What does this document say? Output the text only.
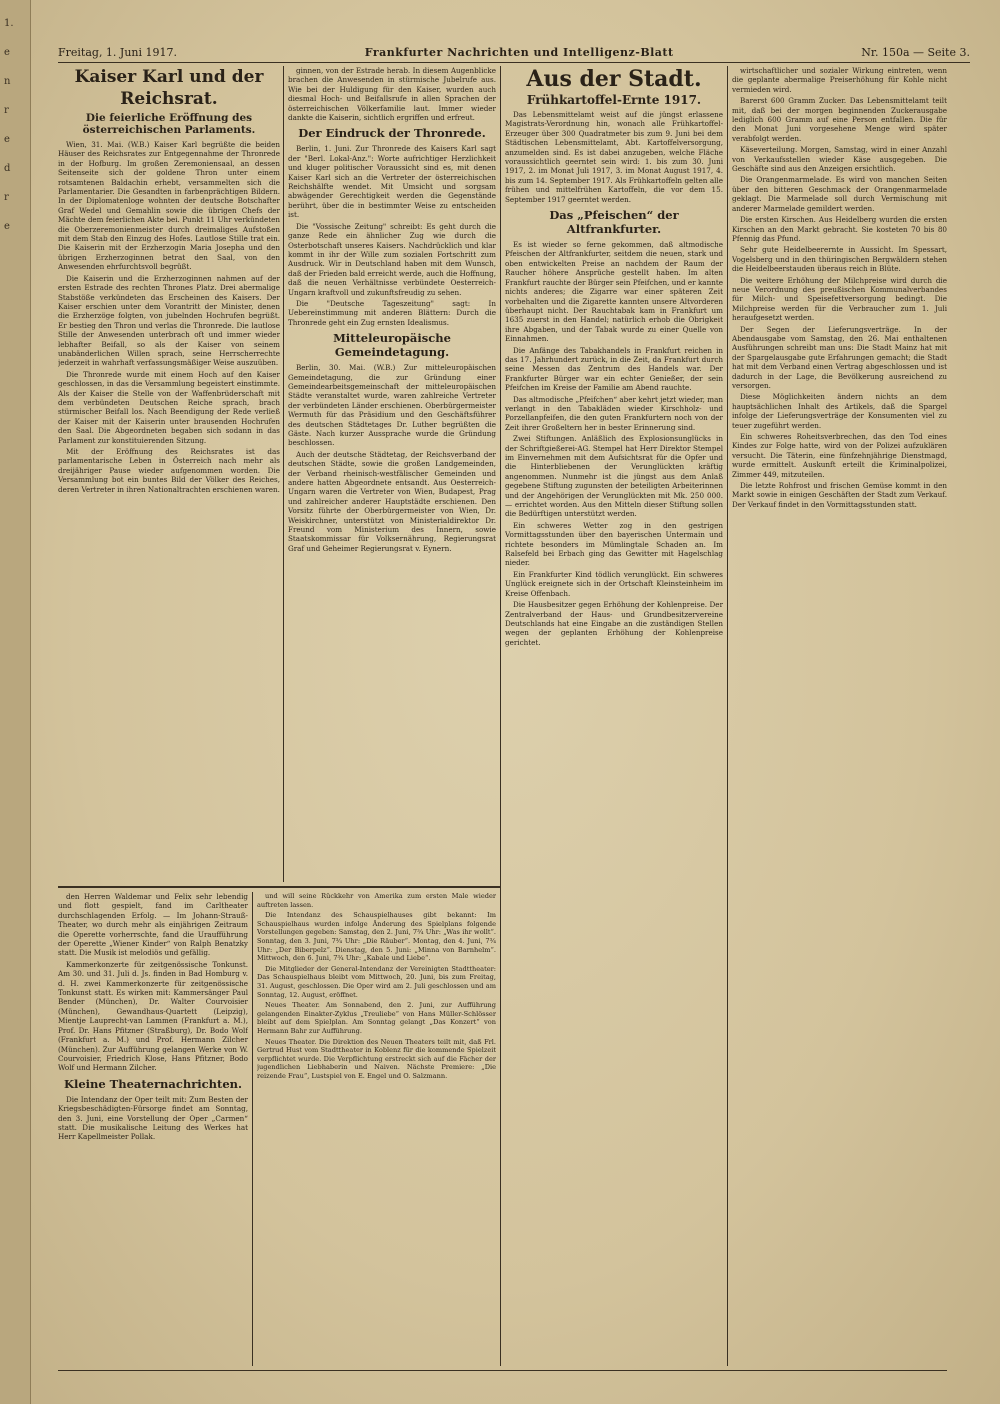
1.
e
n
r
e
d
r
e
Freitag, 1. Juni 1917.	Frankfurter Nachrichten und Intelligenz-Blatt	Nr. 150a — Seite 3.
Kaiser Karl und der Reichsrat.
Die feierliche Eröffnung des österreichischen Parlaments.

Wien, 31. Mai. (W.B.) Kaiser Karl begrüßte die beiden Häuser des Reichsrates zur Entgegennahme der Thronrede in der Hofburg. Im großen Zeremoniensaal, an dessen Seitenseite sich der goldene Thron unter einem rotsamtenen Baldachin erhebt, versammelten sich die Parlamentarier. Die Gesandten in farbenprächtigen Bildern. In der Diplomatenloge wohnten der deutsche Botschafter Graf Wedel und Gemahlin sowie die übrigen Chefs der Mächte dem feierlichen Akte bei. Punkt 11 Uhr verkündeten die Oberzeremonienmeister durch dreimaliges Aufstoßen mit dem Stab den Einzug des Hofes. Lautlose Stille trat ein. Die Kaiserin mit der Erzherzogin Maria Josepha und den übrigen Erzherzoginnen betrat den Saal, von den Anwesenden ehrfurchtsvoll begrüßt.

Die Kaiserin und die Erzherzoginnen nahmen auf der ersten Estrade des rechten Thrones Platz. Drei abermalige Stabstöße verkündeten das Erscheinen des Kaisers. Der Kaiser erschien unter dem Vorantritt der Minister, denen die Erzherzöge folgten, von jubelnden Hochrufen begrüßt. Er bestieg den Thron und verlas die Thronrede. Die lautlose Stille der Anwesenden unterbrach oft und immer wieder lebhafter Beifall, so als der Kaiser von seinem unabänderlichen Willen sprach, seine Herrscherrechte jederzeit in wahrhaft verfassungsmäßiger Weise auszuüben.

Die Thronrede wurde mit einem Hoch auf den Kaiser geschlossen, in das die Versammlung begeistert einstimmte. Als der Kaiser die Stelle von der Waffenbrüderschaft mit dem verbündeten Deutschen Reiche sprach, brach stürmischer Beifall los. Nach Beendigung der Rede verließ der Kaiser mit der Kaiserin unter brausenden Hochrufen den Saal. Die Abgeordneten begaben sich sodann in das Parlament zur konstituierenden Sitzung.

Mit der Eröffnung des Reichsrates ist das parlamentarische Leben in Österreich nach mehr als dreijähriger Pause wieder aufgenommen worden. Die Versammlung bot ein buntes Bild der Völker des Reiches, deren Vertreter in ihren Nationaltrachten erschienen waren.

ginnen, von der Estrade herab. In diesem Augenblicke brachen die Anwesenden in stürmische Jubelrufe aus. Wie bei der Huldigung für den Kaiser, wurden auch diesmal Hoch- und Beifallsrufe in allen Sprachen der österreichischen Völkerfamilie laut. Immer wieder dankte die Kaiserin, sichtlich ergriffen und erfreut.

Der Eindruck der Thronrede.

Berlin, 1. Juni. Zur Thronrede des Kaisers Karl sagt der "Berl. Lokal-Anz.": Worte aufrichtiger Herzlichkeit und kluger politischer Voraussicht sind es, mit denen Kaiser Karl sich an die Vertreter der österreichischen Reichshälfte wendet. Mit Umsicht und sorgsam abwägender Gerechtigkeit werden die Gegenstände berührt, über die in bestimmter Weise zu entscheiden ist.

Die "Vossische Zeitung" schreibt: Es geht durch die ganze Rede ein ähnlicher Zug wie durch die Osterbotschaft unseres Kaisers. Nachdrücklich und klar kommt in ihr der Wille zum sozialen Fortschritt zum Ausdruck. Wir in Deutschland haben mit dem Wunsch, daß der Frieden bald erreicht werde, auch die Hoffnung, daß die neuen Verhältnisse verbündete Oesterreich-Ungarn kraftvoll und zukunftsfreudig zu sehen.

Die "Deutsche Tageszeitung" sagt: In Uebereinstimmung mit anderen Blättern: Durch die Thronrede geht ein Zug ernsten Idealismus.

Mitteleuropäische Gemeindetagung.

Berlin, 30. Mai. (W.B.) Zur mitteleuropäischen Gemeindetagung, die zur Gründung einer Gemeindearbeitsgemeinschaft der mitteleuropäischen Städte veranstaltet wurde, waren zahlreiche Vertreter der verbündeten Länder erschienen. Oberbürgermeister Wermuth für das Präsidium und den Geschäftsführer des deutschen Städtetages Dr. Luther begrüßten die Gäste. Nach kurzer Aussprache wurde die Gründung beschlossen.

Auch der deutsche Städtetag, der Reichsverband der deutschen Städte, sowie die großen Landgemeinden, der Verband rheinisch-westfälischer Gemeinden und andere hatten Abgeordnete entsandt. Aus Oesterreich-Ungarn waren die Vertreter von Wien, Budapest, Prag und zahlreicher anderer Hauptstädte erschienen. Den Vorsitz führte der Oberbürgermeister von Wien, Dr. Weiskirchner, unterstützt von Ministerialdirektor Dr. Freund vom Ministerium des Innern, sowie Staatskommissar für Volksernährung, Regierungsrat Graf und Geheimer Regierungsrat v. Eynern.

Aus der Stadt.
Frühkartoffel-Ernte 1917.

Das Lebensmittelamt weist auf die jüngst erlassene Magistrats-Verordnung hin, wonach alle Frühkartoffel-Erzeuger über 300 Quadratmeter bis zum 9. Juni bei dem Städtischen Lebensmittelamt, Abt. Kartoffelversorgung, anzumelden sind. Es ist dabei anzugeben, welche Fläche voraussichtlich geerntet sein wird: 1. bis zum 30. Juni 1917, 2. im Monat Juli 1917, 3. im Monat August 1917, 4. bis zum 14. September 1917. Als Frühkartoffeln gelten alle frühen und mittelfrühen Kartoffeln, die vor dem 15. September 1917 geerntet werden.

Das „Pfeischen“ der Altfrankfurter.

Es ist wieder so ferne gekommen, daß altmodische Pfeischen der Altfrankfurter, seitdem die neuen, stark und oben entwickelten Preise an nachdem der Raum der Raucher höhere Ansprüche gestellt haben. Im alten Frankfurt rauchte der Bürger sein Pfeifchen, und er kannte nichts anderes; die Zigarre war einer späteren Zeit vorbehalten und die Zigarette kannten unsere Altvorderen überhaupt nicht. Der Rauchtabak kam in Frankfurt um 1635 zuerst in den Handel; natürlich erhob die Obrigkeit ihre Abgaben, und der Tabak wurde zu einer Quelle von Einnahmen.

Die Anfänge des Tabakhandels in Frankfurt reichen in das 17. Jahrhundert zurück, in die Zeit, da Frankfurt durch seine Messen das Zentrum des Handels war. Der Frankfurter Bürger war ein echter Genießer, der sein Pfeifchen im Kreise der Familie am Abend rauchte.

Das altmodische „Pfeifchen“ aber kehrt jetzt wieder, man verlangt in den Tabakläden wieder Kirschholz- und Porzellanpfeifen, die den guten Frankfurtern noch von der Zeit ihrer Großeltern her in bester Erinnerung sind.

Zwei Stiftungen. Anläßlich des Explosionsunglücks in der Schriftgießerei-AG. Stempel hat Herr Direktor Stempel im Einvernehmen mit dem Aufsichtsrat für die Opfer und die Hinterbliebenen der Verunglückten kräftig angenommen. Nunmehr ist die jüngst aus dem Anlaß gegebene Stiftung zugunsten der beteiligten Arbeiterinnen und der Angehörigen der Verunglückten mit Mk. 250 000.— errichtet worden. Aus den Mitteln dieser Stiftung sollen die Bedürftigen unterstützt werden.

Ein schweres Wetter zog in den gestrigen Vormittagsstunden über den bayerischen Untermain und richtete besonders im Mümlingtale Schaden an. Im Ralsefeld bei Erbach ging das Gewitter mit Hagelschlag nieder.

Ein Frankfurter Kind tödlich verunglückt. Ein schweres Unglück ereignete sich in der Ortschaft Kleinsteinheim im Kreise Offenbach.

Die Hausbesitzer gegen Erhöhung der Kohlenpreise. Der Zentralverband der Haus- und Grundbesitzervereine Deutschlands hat eine Eingabe an die zuständigen Stellen wegen der geplanten Erhöhung der Kohlenpreise gerichtet.

wirtschaftlicher und sozialer Wirkung eintreten, wenn die geplante abermalige Preiserhöhung für Kohle nicht vermieden wird.

Barerst 600 Gramm Zucker. Das Lebensmittelamt teilt mit, daß bei der morgen beginnenden Zuckerausgabe lediglich 600 Gramm auf eine Person entfallen. Die für den Monat Juni vorgesehene Menge wird später verabfolgt werden.

Käseverteilung. Morgen, Samstag, wird in einer Anzahl von Verkaufsstellen wieder Käse ausgegeben. Die Geschäfte sind aus den Anzeigen ersichtlich.

Die Orangenmarmelade. Es wird von manchen Seiten über den bitteren Geschmack der Orangenmarmelade geklagt. Die Marmelade soll durch Vermischung mit anderer Marmelade gemildert werden.

Die ersten Kirschen. Aus Heidelberg wurden die ersten Kirschen an den Markt gebracht. Sie kosteten 70 bis 80 Pfennig das Pfund.

Sehr gute Heidelbeerernte in Aussicht. Im Spessart, Vogelsberg und in den thüringischen Bergwäldern stehen die Heidelbeerstauden überaus reich in Blüte.

Die weitere Erhöhung der Milchpreise wird durch die neue Verordnung des preußischen Kommunalverbandes für Milch- und Speisefettversorgung bedingt. Die Milchpreise werden für die Verbraucher zum 1. Juli heraufgesetzt werden.

Der Segen der Lieferungsverträge. In der Abendausgabe vom Samstag, den 26. Mai enthaltenen Ausführungen schreibt man uns: Die Stadt Mainz hat mit der Spargelausgabe gute Erfahrungen gemacht; die Stadt hat mit dem Verband einen Vertrag abgeschlossen und ist dadurch in der Lage, die Bevölkerung ausreichend zu versorgen.

Diese Möglichkeiten ändern nichts an dem hauptsächlichen Inhalt des Artikels, daß die Spargel infolge der Lieferungsverträge der Konsumenten viel zu teuer zugeführt werden.

Ein schweres Roheitsverbrechen, das den Tod eines Kindes zur Folge hatte, wird von der Polizei aufzuklären versucht. Die Täterin, eine fünfzehnjährige Dienstmagd, wurde ermittelt. Auskunft erteilt die Kriminalpolizei, Zimmer 449, mitzuteilen.

Die letzte Rohfrost und frischen Gemüse kommt in den Markt sowie in einigen Geschäften der Stadt zum Verkauf. Der Verkauf findet in den Vormittagsstunden statt.

den Herren Waldemar und Felix sehr lebendig und flott gespielt, fand im Carltheater durchschlagenden Erfolg. — Im Johann-Strauß-Theater, wo durch mehr als einjährigen Zeitraum die Operette vorherrschte, fand die Uraufführung der Operette „Wiener Kinder“ von Ralph Benatzky statt. Die Musik ist melodiös und gefällig.

Kammerkonzerte für zeitgenössische Tonkunst. Am 30. und 31. Juli d. Js. finden in Bad Homburg v. d. H. zwei Kammerkonzerte für zeitgenössische Tonkunst statt. Es wirken mit: Kammersänger Paul Bender (München), Dr. Walter Courvoisier (München), Gewandhaus-Quartett (Leipzig), Mientje Lauprecht-van Lammen (Frankfurt a. M.), Prof. Dr. Hans Pfitzner (Straßburg), Dr. Bodo Wolf (Frankfurt a. M.) und Prof. Hermann Zilcher (München). Zur Aufführung gelangen Werke von W. Courvoisier, Friedrich Klose, Hans Pfitzner, Bodo Wolf und Hermann Zilcher.

Kleine Theaternachrichten.

Die Intendanz der Oper teilt mit: Zum Besten der Kriegsbeschädigten-Fürsorge findet am Sonntag, den 3. Juni, eine Vorstellung der Oper „Carmen“ statt. Die musikalische Leitung des Werkes hat Herr Kapellmeister Pollak.

und will seine Rückkehr von Amerika zum ersten Male wieder auftreten lassen.

Die Intendanz des Schauspielhauses gibt bekannt: Im Schauspielhaus wurden infolge Änderung des Spielplans folgende Vorstellungen gegeben: Samstag, den 2. Juni, 7¾ Uhr: „Was ihr wollt“. Sonntag, den 3. Juni, 7¾ Uhr: „Die Räuber“. Montag, den 4. Juni, 7¾ Uhr: „Der Biberpelz“. Dienstag, den 5. Juni: „Minna von Barnhelm“. Mittwoch, den 6. Juni, 7¾ Uhr: „Kabale und Liebe“.

Die Mitglieder der General-Intendanz der Vereinigten Stadttheater: Das Schauspielhaus bleibt vom Mittwoch, 20. Juni, bis zum Freitag, 31. August, geschlossen. Die Oper wird am 2. Juli geschlossen und am Sonntag, 12. August, eröffnet.

Neues Theater. Am Sonnabend, den 2. Juni, zur Aufführung gelangenden Einakter-Zyklus „Treuliebe“ von Hans Müller-Schlösser bleibt auf dem Spielplan. Am Sonntag gelangt „Das Konzert“ von Hermann Bahr zur Aufführung.

Neues Theater. Die Direktion des Neuen Theaters teilt mit, daß Frl. Gertrud Hust vom Stadttheater in Koblenz für die kommende Spielzeit verpflichtet wurde. Die Verpflichtung erstreckt sich auf die Fächer der jugendlichen Liebhaberin und Naiven. Nächste Premiere: „Die reizende Frau“, Lustspiel von E. Engel und O. Salzmann.
